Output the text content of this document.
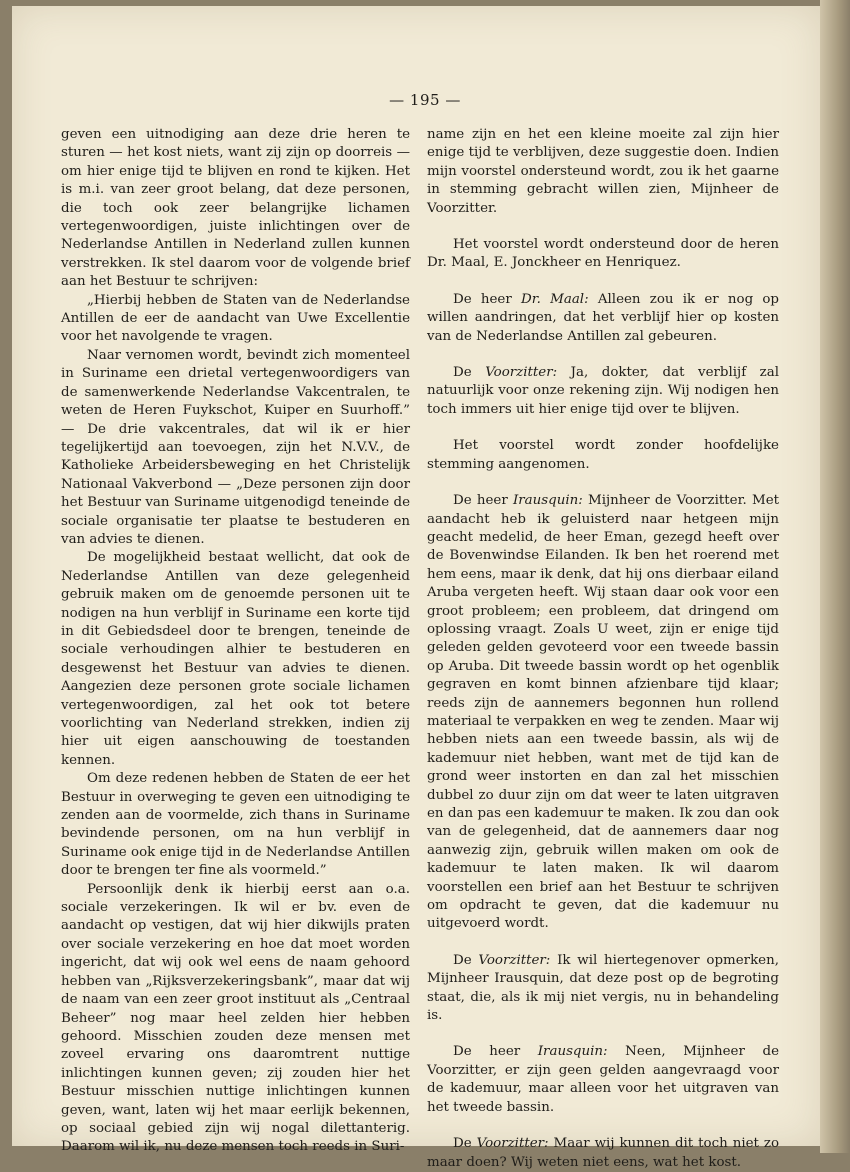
— 195 —

geven een uitnodiging aan deze drie heren te sturen — het kost niets, want zij zijn op doorreis — om hier enige tijd te blijven en rond te kijken. Het is m.i. van zeer groot belang, dat deze personen, die toch ook zeer belangrijke lichamen vertegenwoordigen, juiste inlichtingen over de Nederlandse Antillen in Nederland zullen kunnen verstrekken. Ik stel daarom voor de volgende brief aan het Bestuur te schrijven:

„Hierbij hebben de Staten van de Nederlandse Antillen de eer de aandacht van Uwe Excellentie voor het navolgende te vragen.

Naar vernomen wordt, bevindt zich momenteel in Suriname een drietal vertegenwoordigers van de samenwerkende Nederlandse Vakcentralen, te weten de Heren Fuykschot, Kuiper en Suurhoff.” — De drie vakcentrales, dat wil ik er hier tegelijkertijd aan toevoegen, zijn het N.V.V., de Katholieke Arbeidersbeweging en het Christelijk Nationaal Vakverbond — „Deze personen zijn door het Bestuur van Suriname uitgenodigd teneinde de sociale organisatie ter plaatse te bestuderen en van advies te dienen.

De mogelijkheid bestaat wellicht, dat ook de Nederlandse Antillen van deze gelegenheid gebruik maken om de genoemde personen uit te nodigen na hun verblijf in Suriname een korte tijd in dit Gebiedsdeel door te brengen, teneinde de sociale verhoudingen alhier te bestuderen en desgewenst het Bestuur van advies te dienen. Aangezien deze personen grote sociale lichamen vertegenwoordigen, zal het ook tot betere voorlichting van Nederland strekken, indien zij hier uit eigen aanschouwing de toestanden kennen.

Om deze redenen hebben de Staten de eer het Bestuur in overweging te geven een uitnodiging te zenden aan de voormelde, zich thans in Suriname bevindende personen, om na hun verblijf in Suriname ook enige tijd in de Nederlandse Antillen door te brengen ter fine als voormeld.”

Persoonlijk denk ik hierbij eerst aan o.a. sociale verzekeringen. Ik wil er bv. even de aandacht op vestigen, dat wij hier dikwijls praten over sociale verzekering en hoe dat moet worden ingericht, dat wij ook wel eens de naam gehoord hebben van „Rijksverzekeringsbank”, maar dat wij de naam van een zeer groot instituut als „Centraal Beheer” nog maar heel zelden hier hebben gehoord. Misschien zouden deze mensen met zoveel ervaring ons daaromtrent nuttige inlichtingen kunnen geven; zij zouden hier het Bestuur misschien nuttige inlichtingen kunnen geven, want, laten wij het maar eerlijk bekennen, op sociaal gebied zijn wij nogal dilettanterig. Daarom wil ik, nu deze mensen toch reeds in Suri-

name zijn en het een kleine moeite zal zijn hier enige tijd te verblijven, deze suggestie doen. Indien mijn voorstel ondersteund wordt, zou ik het gaarne in stemming gebracht willen zien, Mijnheer de Voorzitter.

Het voorstel wordt ondersteund door de heren Dr. Maal, E. Jonckheer en Henriquez.

De heer Dr. Maal: Alleen zou ik er nog op willen aandringen, dat het verblijf hier op kosten van de Nederlandse Antillen zal gebeuren.

De Voorzitter: Ja, dokter, dat verblijf zal natuurlijk voor onze rekening zijn. Wij nodigen hen toch immers uit hier enige tijd over te blijven.

Het voorstel wordt zonder hoofdelijke stemming aangenomen.

De heer Irausquin: Mijnheer de Voorzitter. Met aandacht heb ik geluisterd naar hetgeen mijn geacht medelid, de heer Eman, gezegd heeft over de Bovenwindse Eilanden. Ik ben het roerend met hem eens, maar ik denk, dat hij ons dierbaar eiland Aruba vergeten heeft. Wij staan daar ook voor een groot probleem; een probleem, dat dringend om oplossing vraagt. Zoals U weet, zijn er enige tijd geleden gelden gevoteerd voor een tweede bassin op Aruba. Dit tweede bassin wordt op het ogenblik gegraven en komt binnen afzienbare tijd klaar; reeds zijn de aannemers begonnen hun rollend materiaal te verpakken en weg te zenden. Maar wij hebben niets aan een tweede bassin, als wij de kademuur niet hebben, want met de tijd kan de grond weer instorten en dan zal het misschien dubbel zo duur zijn om dat weer te laten uitgraven en dan pas een kademuur te maken. Ik zou dan ook van de gelegenheid, dat de aannemers daar nog aanwezig zijn, gebruik willen maken om ook de kademuur te laten maken. Ik wil daarom voorstellen een brief aan het Bestuur te schrijven om opdracht te geven, dat die kademuur nu uitgevoerd wordt.

De Voorzitter: Ik wil hiertegenover opmerken, Mijnheer Irausquin, dat deze post op de begroting staat, die, als ik mij niet vergis, nu in behandeling is.

De heer Irausquin: Neen, Mijnheer de Voorzitter, er zijn geen gelden aangevraagd voor de kademuur, maar alleen voor het uitgraven van het tweede bassin.

De Voorzitter: Maar wij kunnen dit toch niet zo maar doen? Wij weten niet eens, wat het kost.
